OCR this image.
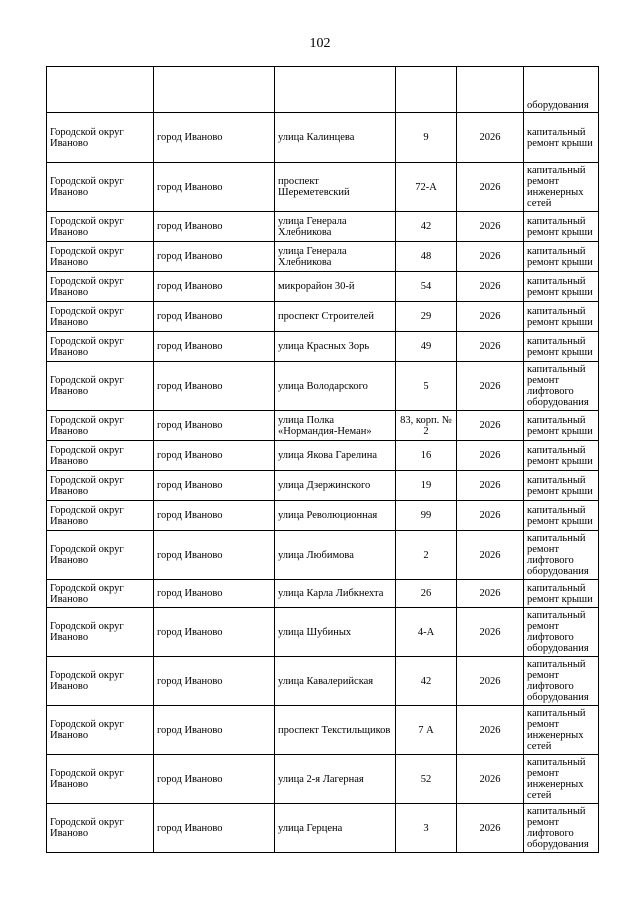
102
					оборудования
Городской округ Иваново	город Иваново	улица Калинцева	9	2026	капитальный ремонт крыши
Городской округ Иваново	город Иваново	проспект Шереметевский	72-А	2026	капитальный ремонт инженерных сетей
Городской округ Иваново	город Иваново	улица Генерала Хлебникова	42	2026	капитальный ремонт крыши
Городской округ Иваново	город Иваново	улица Генерала Хлебникова	48	2026	капитальный ремонт крыши
Городской округ Иваново	город Иваново	микрорайон 30-й	54	2026	капитальный ремонт крыши
Городской округ Иваново	город Иваново	проспект Строителей	29	2026	капитальный ремонт крыши
Городской округ Иваново	город Иваново	улица Красных Зорь	49	2026	капитальный ремонт крыши
Городской округ Иваново	город Иваново	улица Володарского	5	2026	капитальный ремонт лифтового оборудования
Городской округ Иваново	город Иваново	улица Полка «Нормандия-Неман»	83, корп. № 2	2026	капитальный ремонт крыши
Городской округ Иваново	город Иваново	улица Якова Гарелина	16	2026	капитальный ремонт крыши
Городской округ Иваново	город Иваново	улица Дзержинского	19	2026	капитальный ремонт крыши
Городской округ Иваново	город Иваново	улица Революционная	99	2026	капитальный ремонт крыши
Городской округ Иваново	город Иваново	улица Любимова	2	2026	капитальный ремонт лифтового оборудования
Городской округ Иваново	город Иваново	улица Карла Либкнехта	26	2026	капитальный ремонт крыши
Городской округ Иваново	город Иваново	улица Шубиных	4-А	2026	капитальный ремонт лифтового оборудования
Городской округ Иваново	город Иваново	улица Кавалерийская	42	2026	капитальный ремонт лифтового оборудования
Городской округ Иваново	город Иваново	проспект Текстильщиков	7 А	2026	капитальный ремонт инженерных сетей
Городской округ Иваново	город Иваново	улица 2-я Лагерная	52	2026	капитальный ремонт инженерных сетей
Городской округ Иваново	город Иваново	улица Герцена	3	2026	капитальный ремонт лифтового оборудования
